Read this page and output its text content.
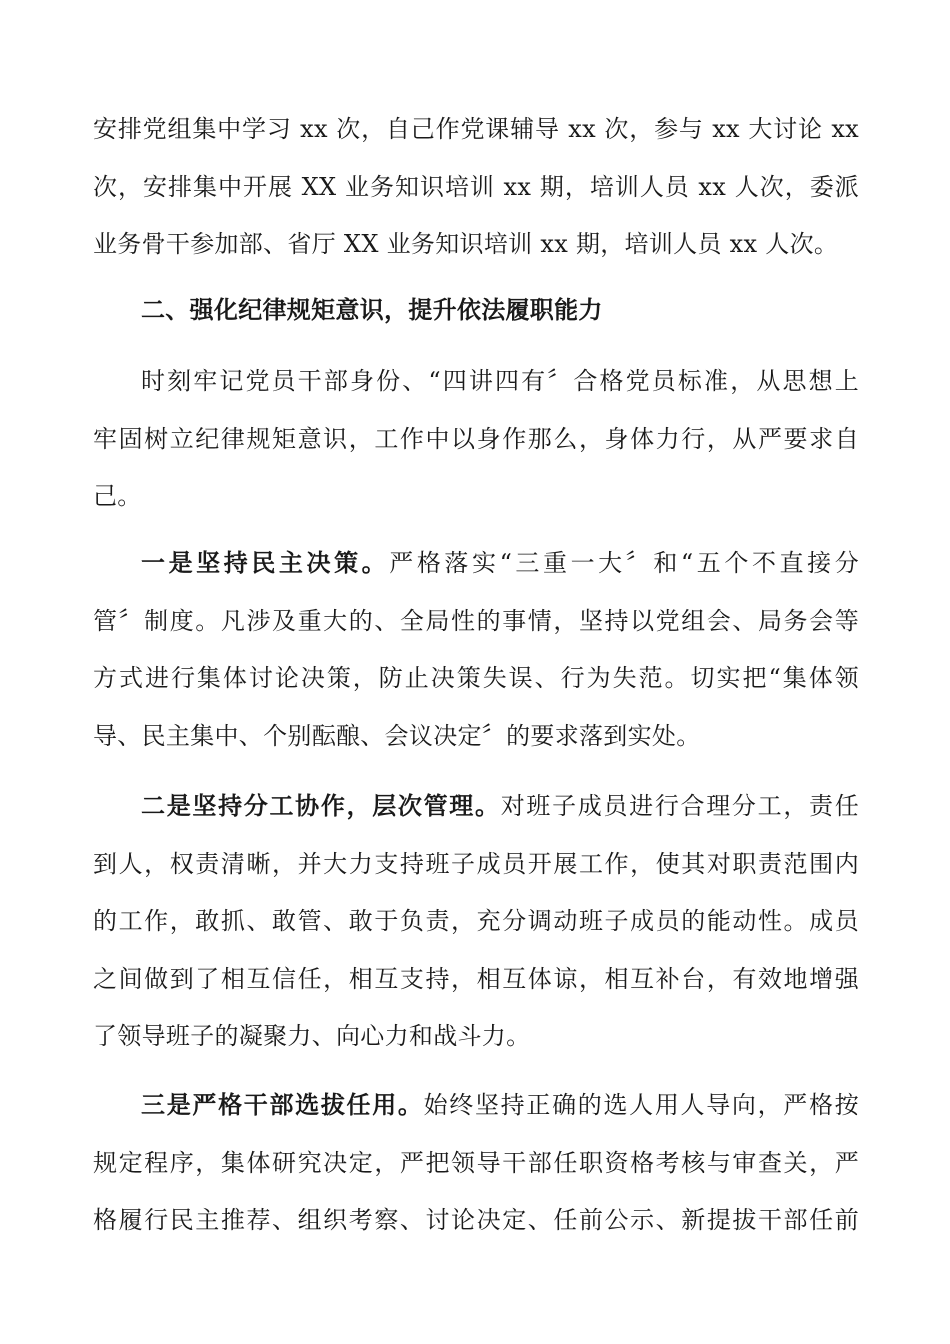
安排党组集中学习 xx 次，自己作党课辅导 xx 次，参与 xx 大讨论 xx
次，安排集中开展 XX 业务知识培训 xx 期，培训人员 xx 人次，委派
业务骨干参加部、省厅 XX 业务知识培训 xx 期，培训人员 xx 人次。
二、强化纪律规矩意识，提升依法履职能力
时刻牢记党员干部身份、“四讲四有〞合格党员标准，从思想上
牢固树立纪律规矩意识，工作中以身作那么，身体力行，从严要求自
己。
一是坚持民主决策。严格落实“三重一大〞和“五个不直接分
管〞制度。凡涉及重大的、全局性的事情，坚持以党组会、局务会等
方式进行集体讨论决策，防止决策失误、行为失范。切实把“集体领
导、民主集中、个别酝酿、会议决定〞的要求落到实处。
二是坚持分工协作，层次管理。对班子成员进行合理分工，责任
到人，权责清晰，并大力支持班子成员开展工作，使其对职责范围内
的工作，敢抓、敢管、敢于负责，充分调动班子成员的能动性。成员
之间做到了相互信任，相互支持，相互体谅，相互补台，有效地增强
了领导班子的凝聚力、向心力和战斗力。
三是严格干部选拔任用。始终坚持正确的选人用人导向，严格按
规定程序，集体研究决定，严把领导干部任职资格考核与审查关，严
格履行民主推荐、组织考察、讨论决定、任前公示、新提拔干部任前
